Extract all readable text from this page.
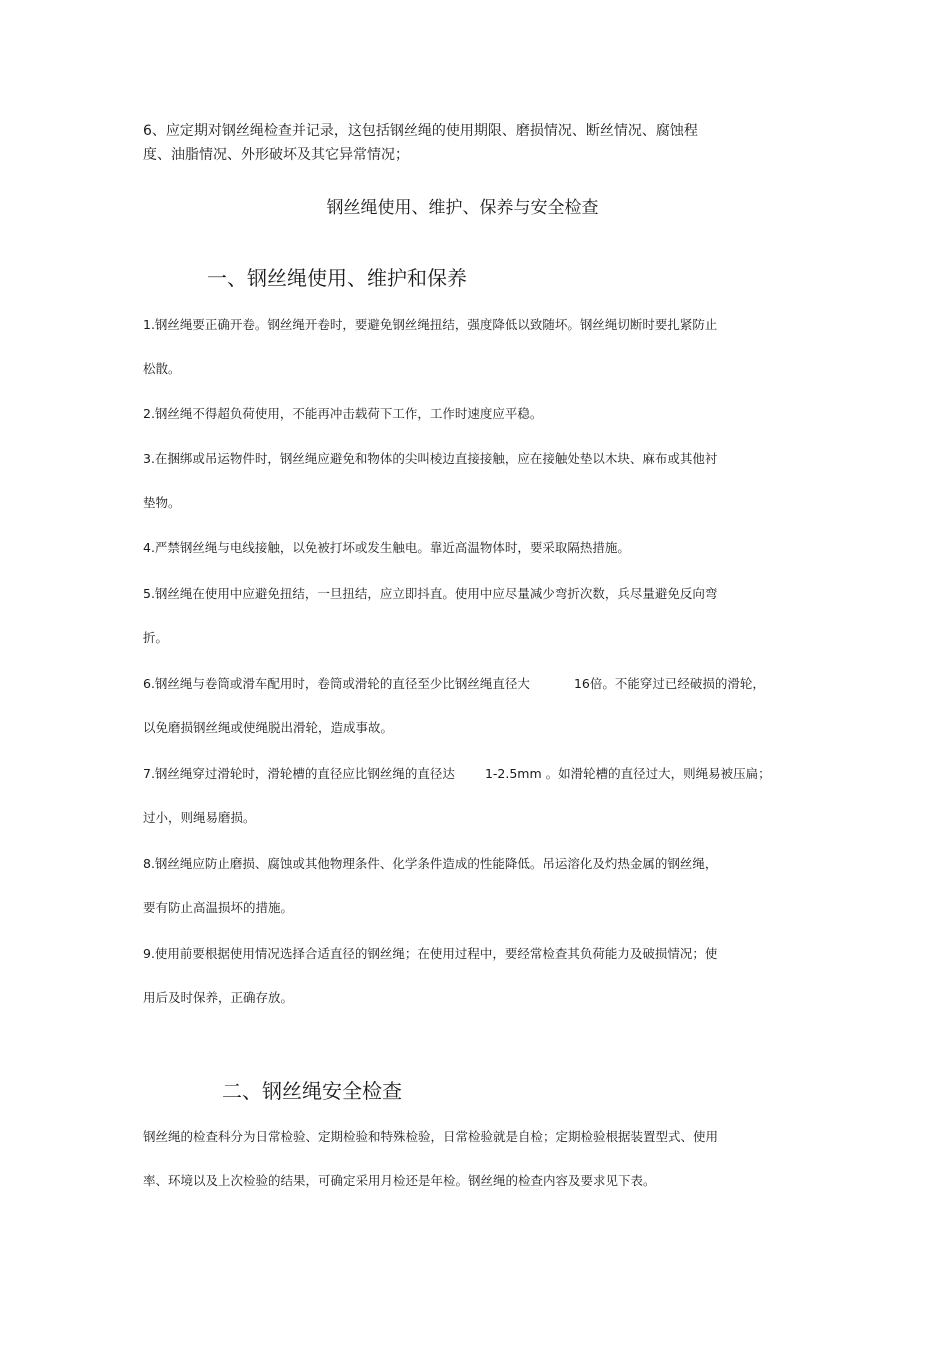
6、应定期对钢丝绳检查并记录，这包括钢丝绳的使用期限、磨损情况、断丝情况、腐蚀程
度、油脂情况、外形破坏及其它异常情况；
钢丝绳使用、维护、保养与安全检查
一、钢丝绳使用、维护和保养
1.钢丝绳要正确开卷。钢丝绳开卷时，要避免钢丝绳扭结，强度降低以致随坏。钢丝绳切断时要扎紧防止
松散。
2.钢丝绳不得超负荷使用，不能再冲击载荷下工作，工作时速度应平稳。
3.在捆绑或吊运物件时，钢丝绳应避免和物体的尖叫棱边直接接触，应在接触处垫以木块、麻布或其他衬
垫物。
4.严禁钢丝绳与电线接触，以免被打坏或发生触电。靠近高温物体时，要采取隔热措施。
5.钢丝绳在使用中应避免扭结，一旦扭结，应立即抖直。使用中应尽量减少弯折次数，兵尽量避免反向弯
折。
6.钢丝绳与卷筒或滑车配用时，卷筒或滑轮的直径至少比钢丝绳直径大	16倍。不能穿过已经破损的滑轮，
以免磨损钢丝绳或使绳脱出滑轮，造成事故。
7.钢丝绳穿过滑轮时，滑轮槽的直径应比钢丝绳的直径达 1-2.5mm 。如滑轮槽的直径过大，则绳易被压扁；
过小，则绳易磨损。
8.钢丝绳应防止磨损、腐蚀或其他物理条件、化学条件造成的性能降低。吊运溶化及灼热金属的钢丝绳，
要有防止高温损坏的措施。
9.使用前要根据使用情况选择合适直径的钢丝绳；在使用过程中，要经常检查其负荷能力及破损情况；使
用后及时保养，正确存放。
二、钢丝绳安全检查
钢丝绳的检查科分为日常检验、定期检验和特殊检验，日常检验就是自检；定期检验根据装置型式、使用
率、环境以及上次检验的结果，可确定采用月检还是年检。钢丝绳的检查内容及要求见下表。
